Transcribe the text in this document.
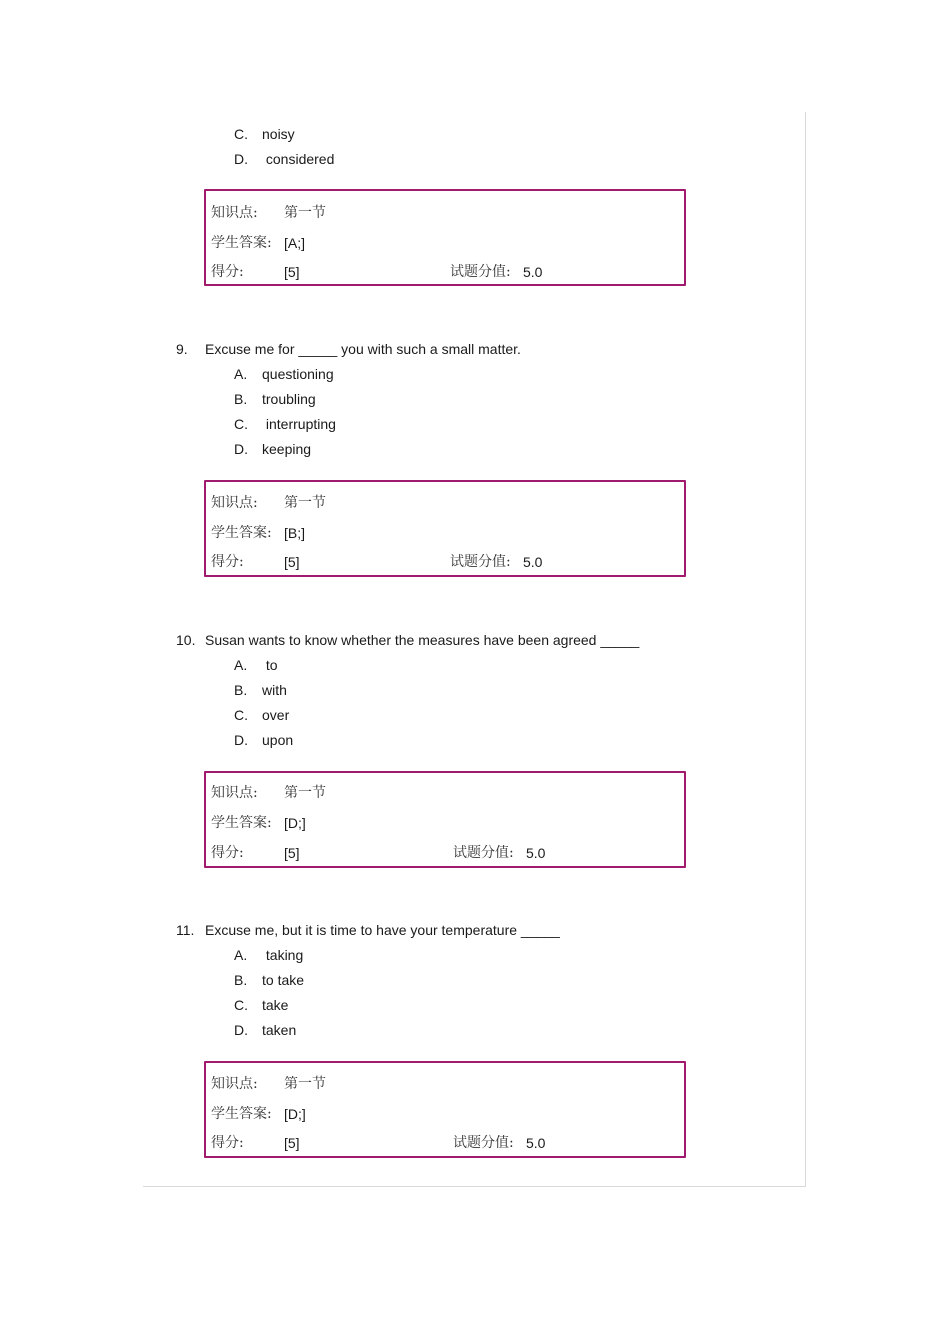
C. noisy
D. considered
知识点: 第一节
学生答案: [A;]
得分:	[5]	试题分值: 5.0
9. Excuse me for _____ you with such a small matter.
A. questioning
B. troubling
C. interrupting
D. keeping
知识点: 第一节
学生答案: [B;]
得分:	[5]	试题分值: 5.0
10. Susan wants to know whether the measures have been agreed _____
A. to
B. with
C. over
D. upon
知识点: 第一节
学生答案: [D;]
得分:	[5]	试题分值: 5.0
11. Excuse me, but it is time to have your temperature _____
A. taking
B. to take
C. take
D. taken
知识点: 第一节
学生答案: [D;]
得分:	[5]	试题分值: 5.0
